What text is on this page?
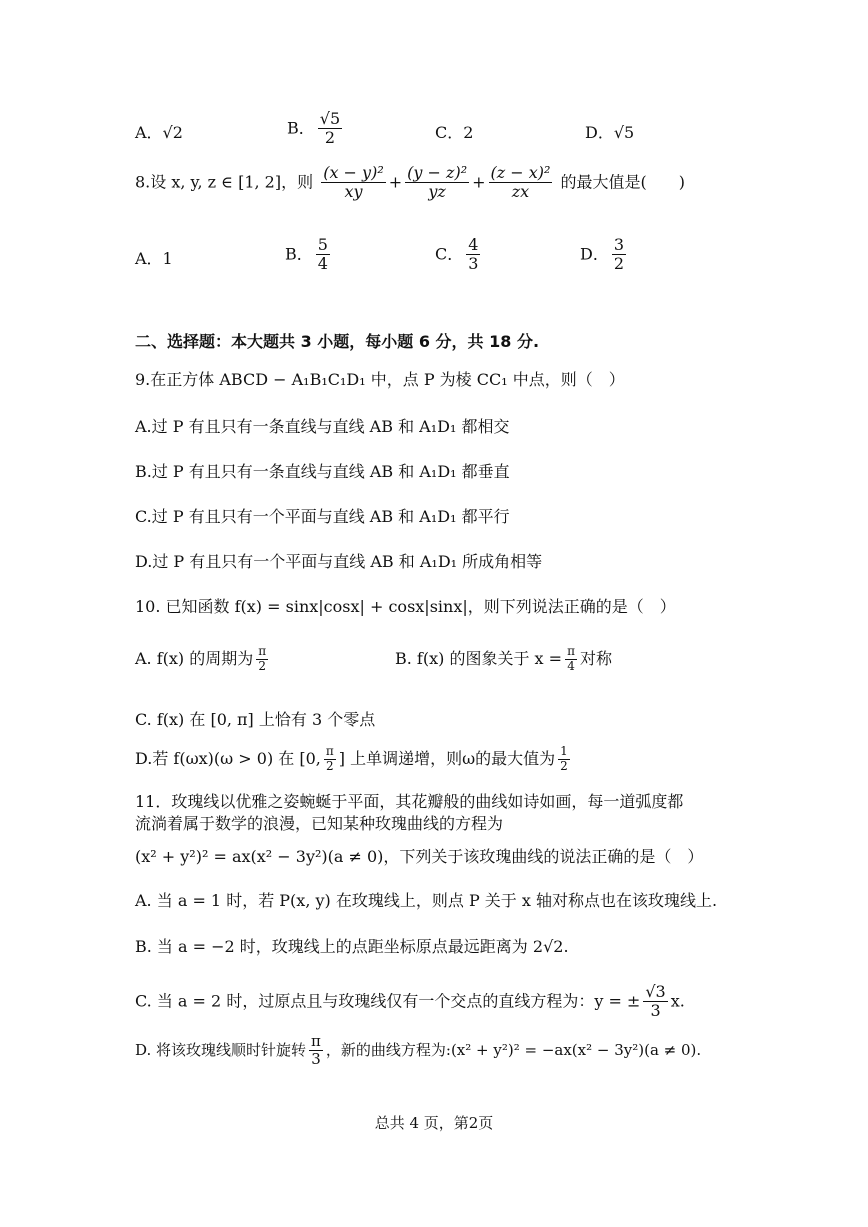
A．√2	B． $\frac{√5}{2}$	C．2	D．√5
8.设 x, y, z ∈ [1, 2]，则 $\frac{\text{(x − y)²}}{xy} + \frac{\text{(y − z)²}}{yz} + \frac{\text{(z − x)²}}{zx}$ 的最大值是(　　)
A．1	B． $\frac{5}{4}$	C． $\frac{4}{3}$	D． $\frac{3}{2}$
二、选择题：本大题共 3 小题，每小题 6 分，共 18 分.
9.在正方体 ABCD − A₁B₁C₁D₁ 中，点 P 为棱 CC₁ 中点，则（　）
A.过 P 有且只有一条直线与直线 AB 和 A₁D₁ 都相交
B.过 P 有且只有一条直线与直线 AB 和 A₁D₁ 都垂直
C.过 P 有且只有一个平面与直线 AB 和 A₁D₁ 都平行
D.过 P 有且只有一个平面与直线 AB 和 A₁D₁ 所成角相等
10. 已知函数 f(x) = sinx|cosx| + cosx|sinx|，则下列说法正确的是（　）
A. f(x) 的周期为 $\frac{\pi}{2}$	B. f(x) 的图象关于 $x = \frac{\pi}{4}$ 对称
C. f(x) 在 [0, π] 上恰有 3 个零点
D.若 f(ωx)(ω > 0) 在 [0, $\frac{\pi}{2}$ ] 上单调递增，则ω的最大值为 $\frac{1}{2}$
11．玫瑰线以优雅之姿蜿蜒于平面，其花瓣般的曲线如诗如画，每一道弧度都
流淌着属于数学的浪漫，已知某种玫瑰曲线的方程为
(x² + y²)² = ax(x² − 3y²)(a ≠ 0)，下列关于该玫瑰曲线的说法正确的是（　）
A. 当 a = 1 时，若 P(x, y) 在玫瑰线上，则点 P 关于 x 轴对称点也在该玫瑰线上.
B. 当 a = −2 时，玫瑰线上的点距坐标原点最远距离为 2√2.
C. 当 a = 2 时，过原点且与玫瑰线仅有一个交点的直线方程为：y = ± $\frac{√3}{3} x$.
D. 将该玫瑰线顺时针旋转 $\frac{\pi}{3}$ ，新的曲线方程为:(x² + y²)² = −ax(x² − 3y²)(a ≠ 0).
总共 4 页，第2页
